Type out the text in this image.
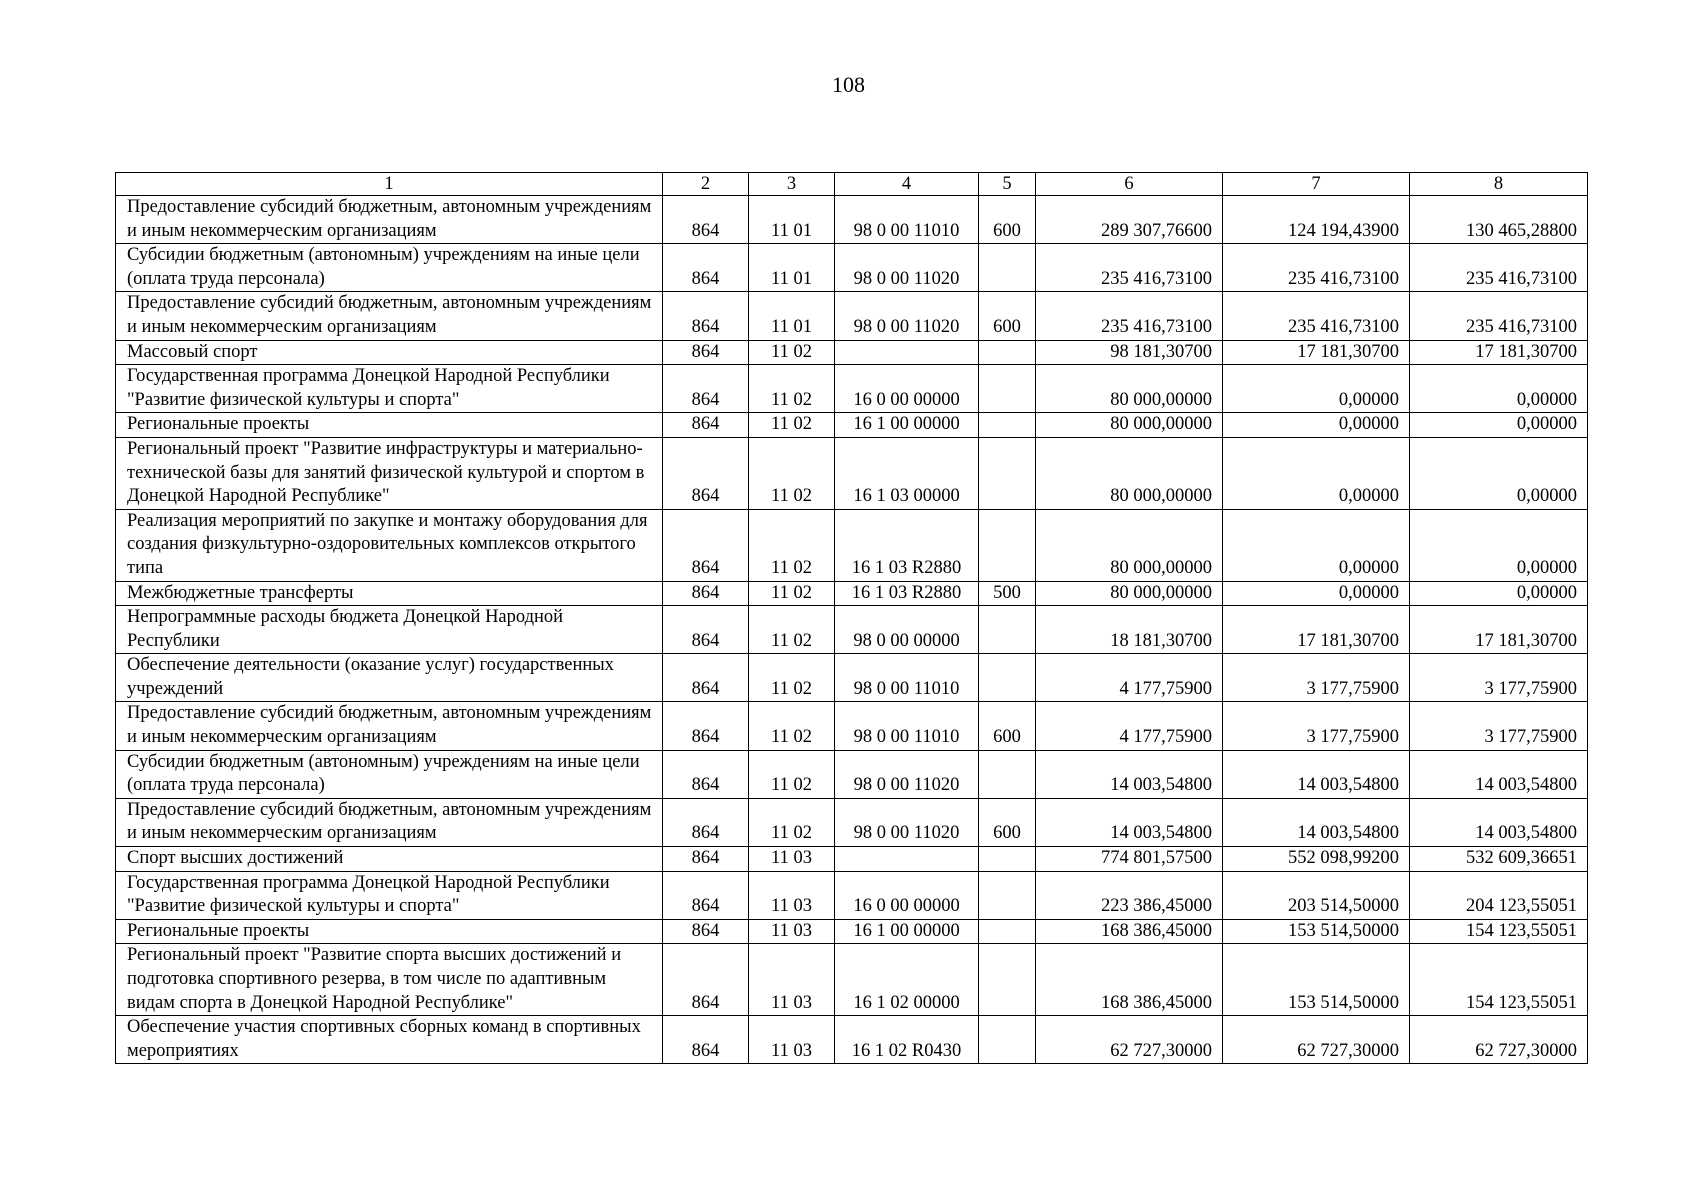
108
1	2	3	4	5	6	7	8
Предоставление субсидий бюджетным, автономным учреждениям и иным некоммерческим организациям	864	11 01	98 0 00 11010	600	289 307,76600	124 194,43900	130 465,28800
Субсидии бюджетным (автономным) учреждениям на иные цели (оплата труда персонала)	864	11 01	98 0 00 11020		235 416,73100	235 416,73100	235 416,73100
Предоставление субсидий бюджетным, автономным учреждениям и иным некоммерческим организациям	864	11 01	98 0 00 11020	600	235 416,73100	235 416,73100	235 416,73100
Массовый спорт	864	11 02			98 181,30700	17 181,30700	17 181,30700
Государственная программа Донецкой Народной Республики "Развитие физической культуры и спорта"	864	11 02	16 0 00 00000		80 000,00000	0,00000	0,00000
Региональные проекты	864	11 02	16 1 00 00000		80 000,00000	0,00000	0,00000
Региональный проект "Развитие инфраструктуры и материально-технической базы для занятий физической культурой и спортом в Донецкой Народной Республике"	864	11 02	16 1 03 00000		80 000,00000	0,00000	0,00000
Реализация мероприятий по закупке и монтажу оборудования для создания физкультурно-оздоровительных комплексов открытого типа	864	11 02	16 1 03 R2880		80 000,00000	0,00000	0,00000
Межбюджетные трансферты	864	11 02	16 1 03 R2880	500	80 000,00000	0,00000	0,00000
Непрограммные расходы бюджета Донецкой Народной Республики	864	11 02	98 0 00 00000		18 181,30700	17 181,30700	17 181,30700
Обеспечение деятельности (оказание услуг) государственных учреждений	864	11 02	98 0 00 11010		4 177,75900	3 177,75900	3 177,75900
Предоставление субсидий бюджетным, автономным учреждениям и иным некоммерческим организациям	864	11 02	98 0 00 11010	600	4 177,75900	3 177,75900	3 177,75900
Субсидии бюджетным (автономным) учреждениям на иные цели (оплата труда персонала)	864	11 02	98 0 00 11020		14 003,54800	14 003,54800	14 003,54800
Предоставление субсидий бюджетным, автономным учреждениям и иным некоммерческим организациям	864	11 02	98 0 00 11020	600	14 003,54800	14 003,54800	14 003,54800
Спорт высших достижений	864	11 03			774 801,57500	552 098,99200	532 609,36651
Государственная программа Донецкой Народной Республики "Развитие физической культуры и спорта"	864	11 03	16 0 00 00000		223 386,45000	203 514,50000	204 123,55051
Региональные проекты	864	11 03	16 1 00 00000		168 386,45000	153 514,50000	154 123,55051
Региональный проект "Развитие спорта высших достижений и подготовка спортивного резерва, в том числе по адаптивным видам спорта в Донецкой Народной Республике"	864	11 03	16 1 02 00000		168 386,45000	153 514,50000	154 123,55051
Обеспечение участия спортивных сборных команд в спортивных мероприятиях	864	11 03	16 1 02 R0430		62 727,30000	62 727,30000	62 727,30000
